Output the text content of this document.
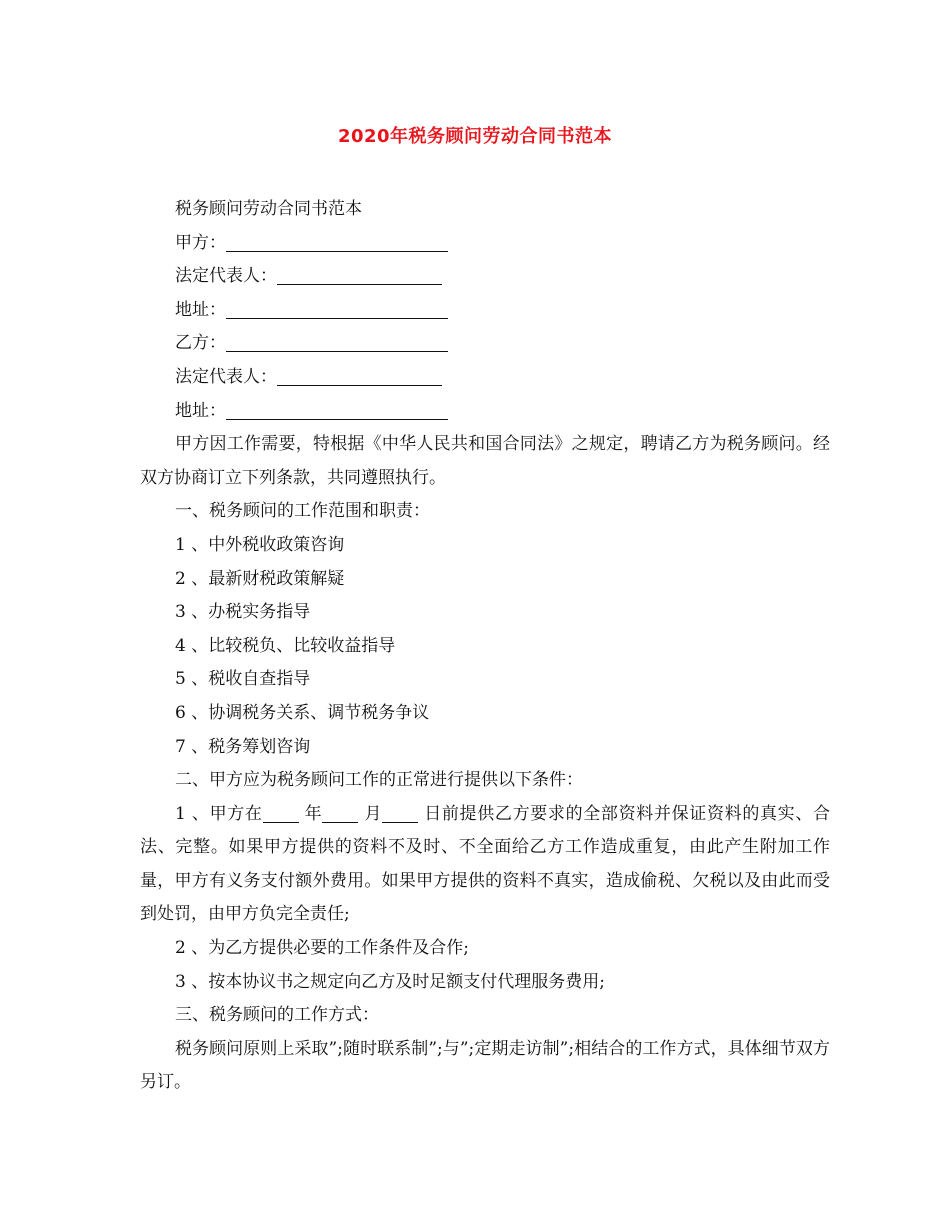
2020年税务顾问劳动合同书范本
税务顾问劳动合同书范本
甲方：
法定代表人：
地址：
乙方：
法定代表人：
地址：
甲方因工作需要，特根据《中华人民共和国合同法》之规定，聘请乙方为税务顾问。经双方协商订立下列条款，共同遵照执行。
一、税务顾问的工作范围和职责：
1 、中外税收政策咨询
2 、最新财税政策解疑
3 、办税实务指导
4 、比较税负、比较收益指导
5 、税收自查指导
6 、协调税务关系、调节税务争议
7 、税务筹划咨询
二、甲方应为税务顾问工作的正常进行提供以下条件：
1 、甲方在 年 月 日前提供乙方要求的全部资料并保证资料的真实、合法、完整。如果甲方提供的资料不及时、不全面给乙方工作造成重复，由此产生附加工作量，甲方有义务支付额外费用。如果甲方提供的资料不真实，造成偷税、欠税以及由此而受到处罚，由甲方负完全责任;
2 、为乙方提供必要的工作条件及合作;
3 、按本协议书之规定向乙方及时足额支付代理服务费用;
三、税务顾问的工作方式：
税务顾问原则上采取”;随时联系制”;与”;定期走访制”;相结合的工作方式，具体细节双方另订。
